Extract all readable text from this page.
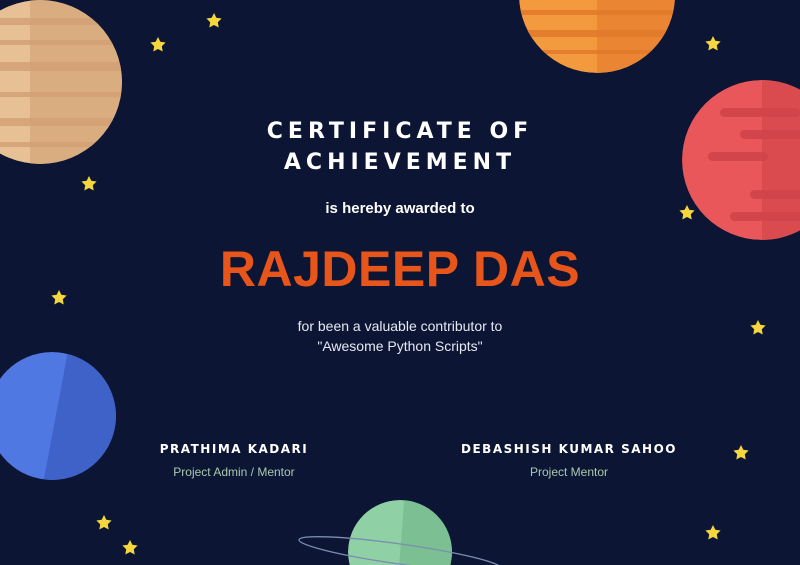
CERTIFICATE OF
ACHIEVEMENT
is hereby awarded to
RAJDEEP DAS
for been a valuable contributor to
"Awesome Python Scripts"
PRATHIMA KADARI
Project Admin / Mentor
DEBASHISH KUMAR SAHOO
Project Mentor
